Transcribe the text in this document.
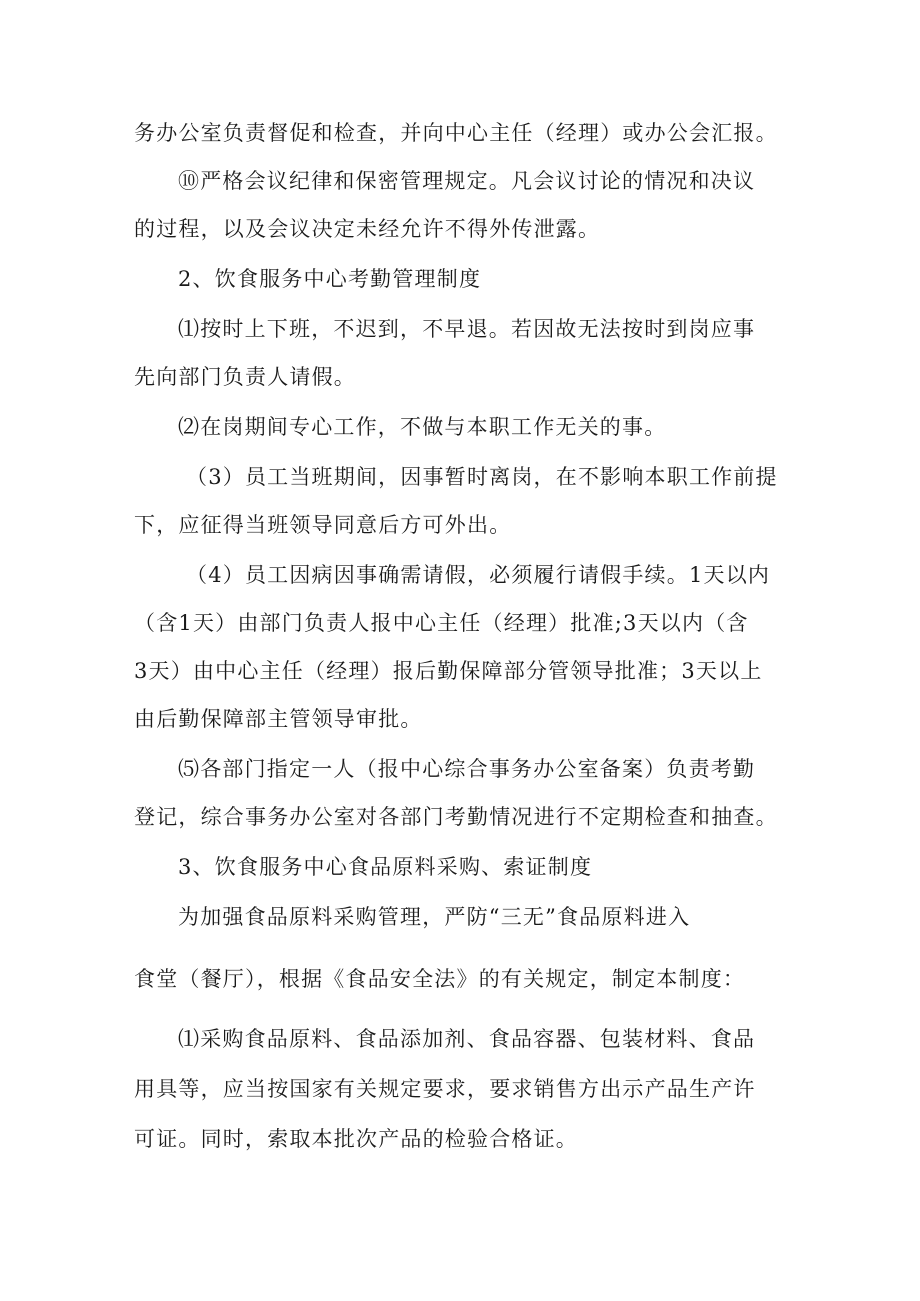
务办公室负责督促和检查，并向中心主任（经理）或办公会汇报。
⑩严格会议纪律和保密管理规定。凡会议讨论的情况和决议
的过程，以及会议决定未经允许不得外传泄露。
2、饮食服务中心考勤管理制度
⑴按时上下班，不迟到，不早退。若因故无法按时到岗应事
先向部门负责人请假。
⑵在岗期间专心工作，不做与本职工作无关的事。
（3）员工当班期间，因事暂时离岗，在不影响本职工作前提
下，应征得当班领导同意后方可外出。
（4）员工因病因事确需请假，必须履行请假手续。1天以内
（含1天）由部门负责人报中心主任（经理）批准;3天以内（含
3天）由中心主任（经理）报后勤保障部分管领导批准；3天以上
由后勤保障部主管领导审批。
⑸各部门指定一人（报中心综合事务办公室备案）负责考勤
登记，综合事务办公室对各部门考勤情况进行不定期检查和抽查。
3、饮食服务中心食品原料采购、索证制度
为加强食品原料采购管理，严防“三无”食品原料进入
食堂（餐厅），根据《食品安全法》的有关规定，制定本制度：
⑴采购食品原料、食品添加剂、食品容器、包装材料、食品
用具等，应当按国家有关规定要求，要求销售方出示产品生产许
可证。同时，索取本批次产品的检验合格证。
